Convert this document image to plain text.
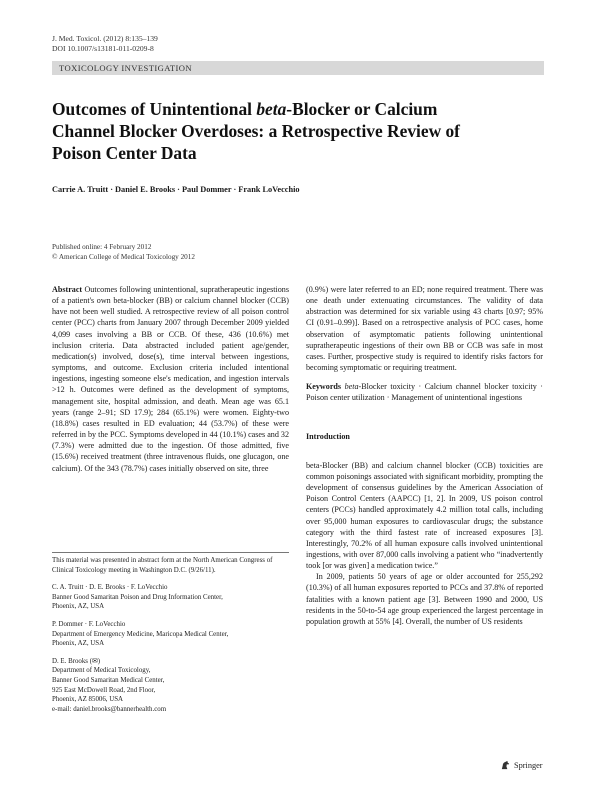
J. Med. Toxicol. (2012) 8:135–139
DOI 10.1007/s13181-011-0209-8
TOXICOLOGY INVESTIGATION
Outcomes of Unintentional beta-Blocker or Calcium Channel Blocker Overdoses: a Retrospective Review of Poison Center Data
Carrie A. Truitt · Daniel E. Brooks · Paul Dommer · Frank LoVecchio
Published online: 4 February 2012
© American College of Medical Toxicology 2012

Abstract Outcomes following unintentional, supratherapeutic ingestions of a patient's own beta-blocker (BB) or calcium channel blocker (CCB) have not been well studied. A retrospective review of all poison control center (PCC) charts from January 2007 through December 2009 yielded 4,099 cases involving a BB or CCB. Of these, 436 (10.6%) met inclusion criteria. Data abstracted included patient age/gender, medication(s) involved, dose(s), time interval between ingestions, symptoms, and outcome. Exclusion criteria included intentional ingestions, ingesting someone else's medication, and ingestion intervals >12 h. Outcomes were defined as the development of symptoms, management site, hospital admission, and death. Mean age was 65.1 years (range 2–91; SD 17.9); 284 (65.1%) were women. Eighty-two (18.8%) cases resulted in ED evaluation; 44 (53.7%) of these were referred in by the PCC. Symptoms developed in 44 (10.1%) cases and 32 (7.3%) were admitted due to the ingestion. Of those admitted, five (15.6%) received treatment (three intravenous fluids, one glucagon, one calcium). Of the 343 (78.7%) cases initially observed on site, three

This material was presented in abstract form at the North American Congress of Clinical Toxicology meeting in Washington D.C. (9/26/11).
C. A. Truitt · D. E. Brooks · F. LoVecchio
Banner Good Samaritan Poison and Drug Information Center,
Phoenix, AZ, USA
P. Dommer · F. LoVecchio
Department of Emergency Medicine, Maricopa Medical Center,
Phoenix, AZ, USA
D. E. Brooks (✉)
Department of Medical Toxicology,
Banner Good Samaritan Medical Center,
925 East McDowell Road, 2nd Floor,
Phoenix, AZ 85006, USA
e-mail: daniel.brooks@bannerhealth.com

(0.9%) were later referred to an ED; none required treatment. There was one death under extenuating circumstances. The validity of data abstraction was determined for six variable using 43 charts [0.97; 95% CI (0.91–0.99)]. Based on a retrospective analysis of PCC cases, home observation of asymptomatic patients following unintentional supratherapeutic ingestions of their own BB or CCB was safe in most cases. Further, prospective study is required to identify risks factors for becoming symptomatic or requiring treatment.

Keywords beta-Blocker toxicity · Calcium channel blocker toxicity · Poison center utilization · Management of unintentional ingestions

Introduction

beta-Blocker (BB) and calcium channel blocker (CCB) toxicities are common poisonings associated with significant morbidity, prompting the development of consensus guidelines by the American Association of Poison Control Centers (AAPCC) [1, 2]. In 2009, US poison control centers (PCCs) handled approximately 4.2 million total calls, including over 95,000 human exposures to cardiovascular drugs; the substance category with the third fastest rate of increased exposures [3]. Interestingly, 70.2% of all human exposure calls involved unintentional ingestions, with over 87,000 calls involving a patient who “inadvertently took [or was given] a medication twice.”

In 2009, patients 50 years of age or older accounted for 255,292 (10.3%) of all human exposures reported to PCCs and 37.8% of reported fatalities with a known patient age [3]. Between 1990 and 2000, US residents in the 50-to-54 age group experienced the largest percentage in population growth at 55% [4]. Overall, the number of US residents

Springer
